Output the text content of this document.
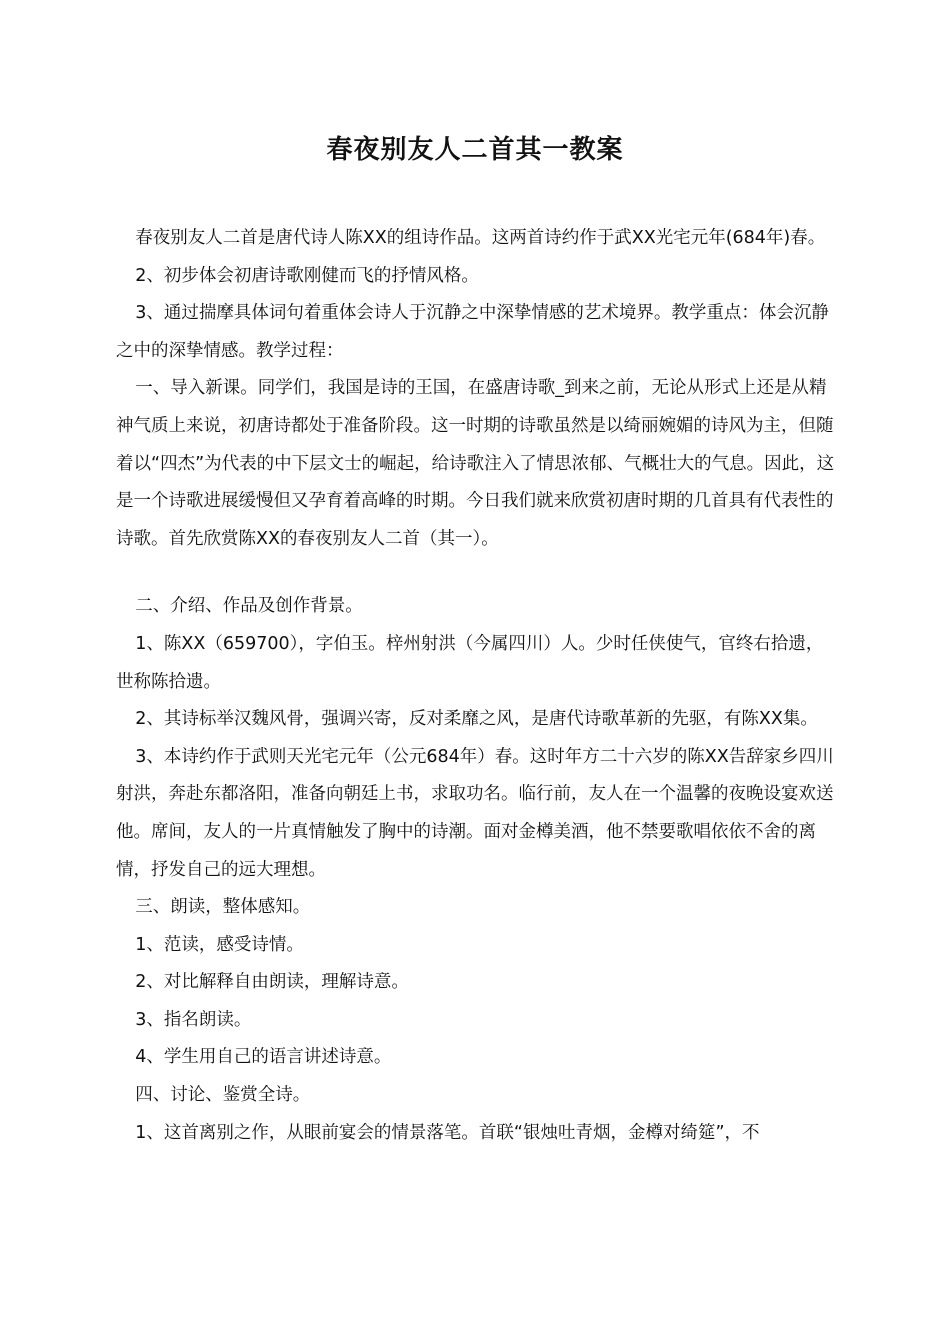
春夜别友人二首其一教案

春夜别友人二首是唐代诗人陈XX的组诗作品。这两首诗约作于武XX光宅元年(684年)春。

2、初步体会初唐诗歌刚健而飞的抒情风格。

3、通过揣摩具体词句着重体会诗人于沉静之中深挚情感的艺术境界。教学重点：体会沉静之中的深挚情感。教学过程：

一、导入新课。同学们，我国是诗的王国，在盛唐诗歌_到来之前，无论从形式上还是从精神气质上来说，初唐诗都处于准备阶段。这一时期的诗歌虽然是以绮丽婉媚的诗风为主，但随着以“四杰”为代表的中下层文士的崛起，给诗歌注入了情思浓郁、气概壮大的气息。因此，这是一个诗歌进展缓慢但又孕育着高峰的时期。今日我们就来欣赏初唐时期的几首具有代表性的诗歌。首先欣赏陈XX的春夜别友人二首（其一）。

二、介绍、作品及创作背景。

1、陈XX（659700），字伯玉。梓州射洪（今属四川）人。少时任侠使气，官终右拾遗，世称陈拾遗。

2、其诗标举汉魏风骨，强调兴寄，反对柔靡之风，是唐代诗歌革新的先驱，有陈XX集。

3、本诗约作于武则天光宅元年（公元684年）春。这时年方二十六岁的陈XX告辞家乡四川射洪，奔赴东都洛阳，准备向朝廷上书，求取功名。临行前，友人在一个温馨的夜晚设宴欢送他。席间，友人的一片真情触发了胸中的诗潮。面对金樽美酒，他不禁要歌唱依依不舍的离情，抒发自己的远大理想。

三、朗读，整体感知。

1、范读，感受诗情。

2、对比解释自由朗读，理解诗意。

3、指名朗读。

4、学生用自己的语言讲述诗意。

四、讨论、鉴赏全诗。

1、这首离别之作，从眼前宴会的情景落笔。首联“银烛吐青烟，金樽对绮筵”，不
